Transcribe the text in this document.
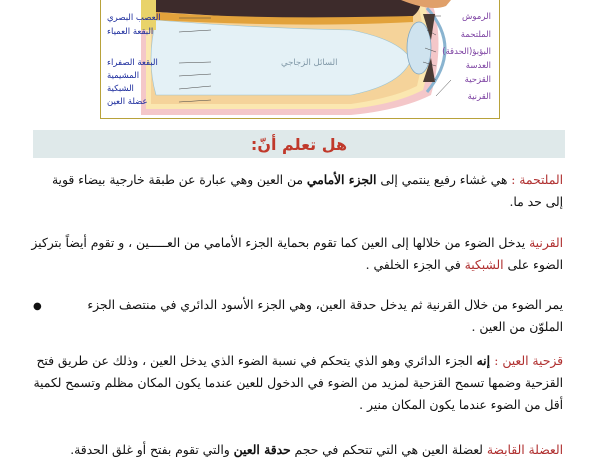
الرموش
الملتحمة
البؤبؤ(الحدقة)
العدسة
القزحية
القرنية
العصب البصري
البقعة العمياء
البقعة الصفراء
المشيمية
الشبكية
عضلة العين
السائل الزجاجي
هل تعلم أنّ:
الملتحمة : هي غشاء رفيع ينتمي إلى الجزء الأمامي من العين وهي عبارة عن طبقة خارجية بيضاء قوية إلى حد ما.
القرنية يدخل الضوء من خلالها إلى العين كما تقوم بحماية الجزء الأمامي من العـــــين ، و تقوم أيضاً بتركيز الضوء على الشبكية في الجزء الخلفي .
●	يمر الضوء من خلال القرنية ثم يدخل حدقة العين، وهي الجزء الأسود الدائري في منتصف الجزء الملوّن من العين .
قزحية العين : إنه الجزء الدائري وهو الذي يتحكم في نسبة الضوء الذي يدخل العين ، وذلك عن طريق فتح القزحية وضمها تسمح القزحية لمزيد من الضوء في الدخول للعين عندما يكون المكان مظلم وتسمح لكمية أقل من الضوء عندما يكون المكان منير .
العضلة القابضة لعضلة العين هي التي تتحكم في حجم حدقة العين والتي تقوم بفتح أو غلق الحدقة.
